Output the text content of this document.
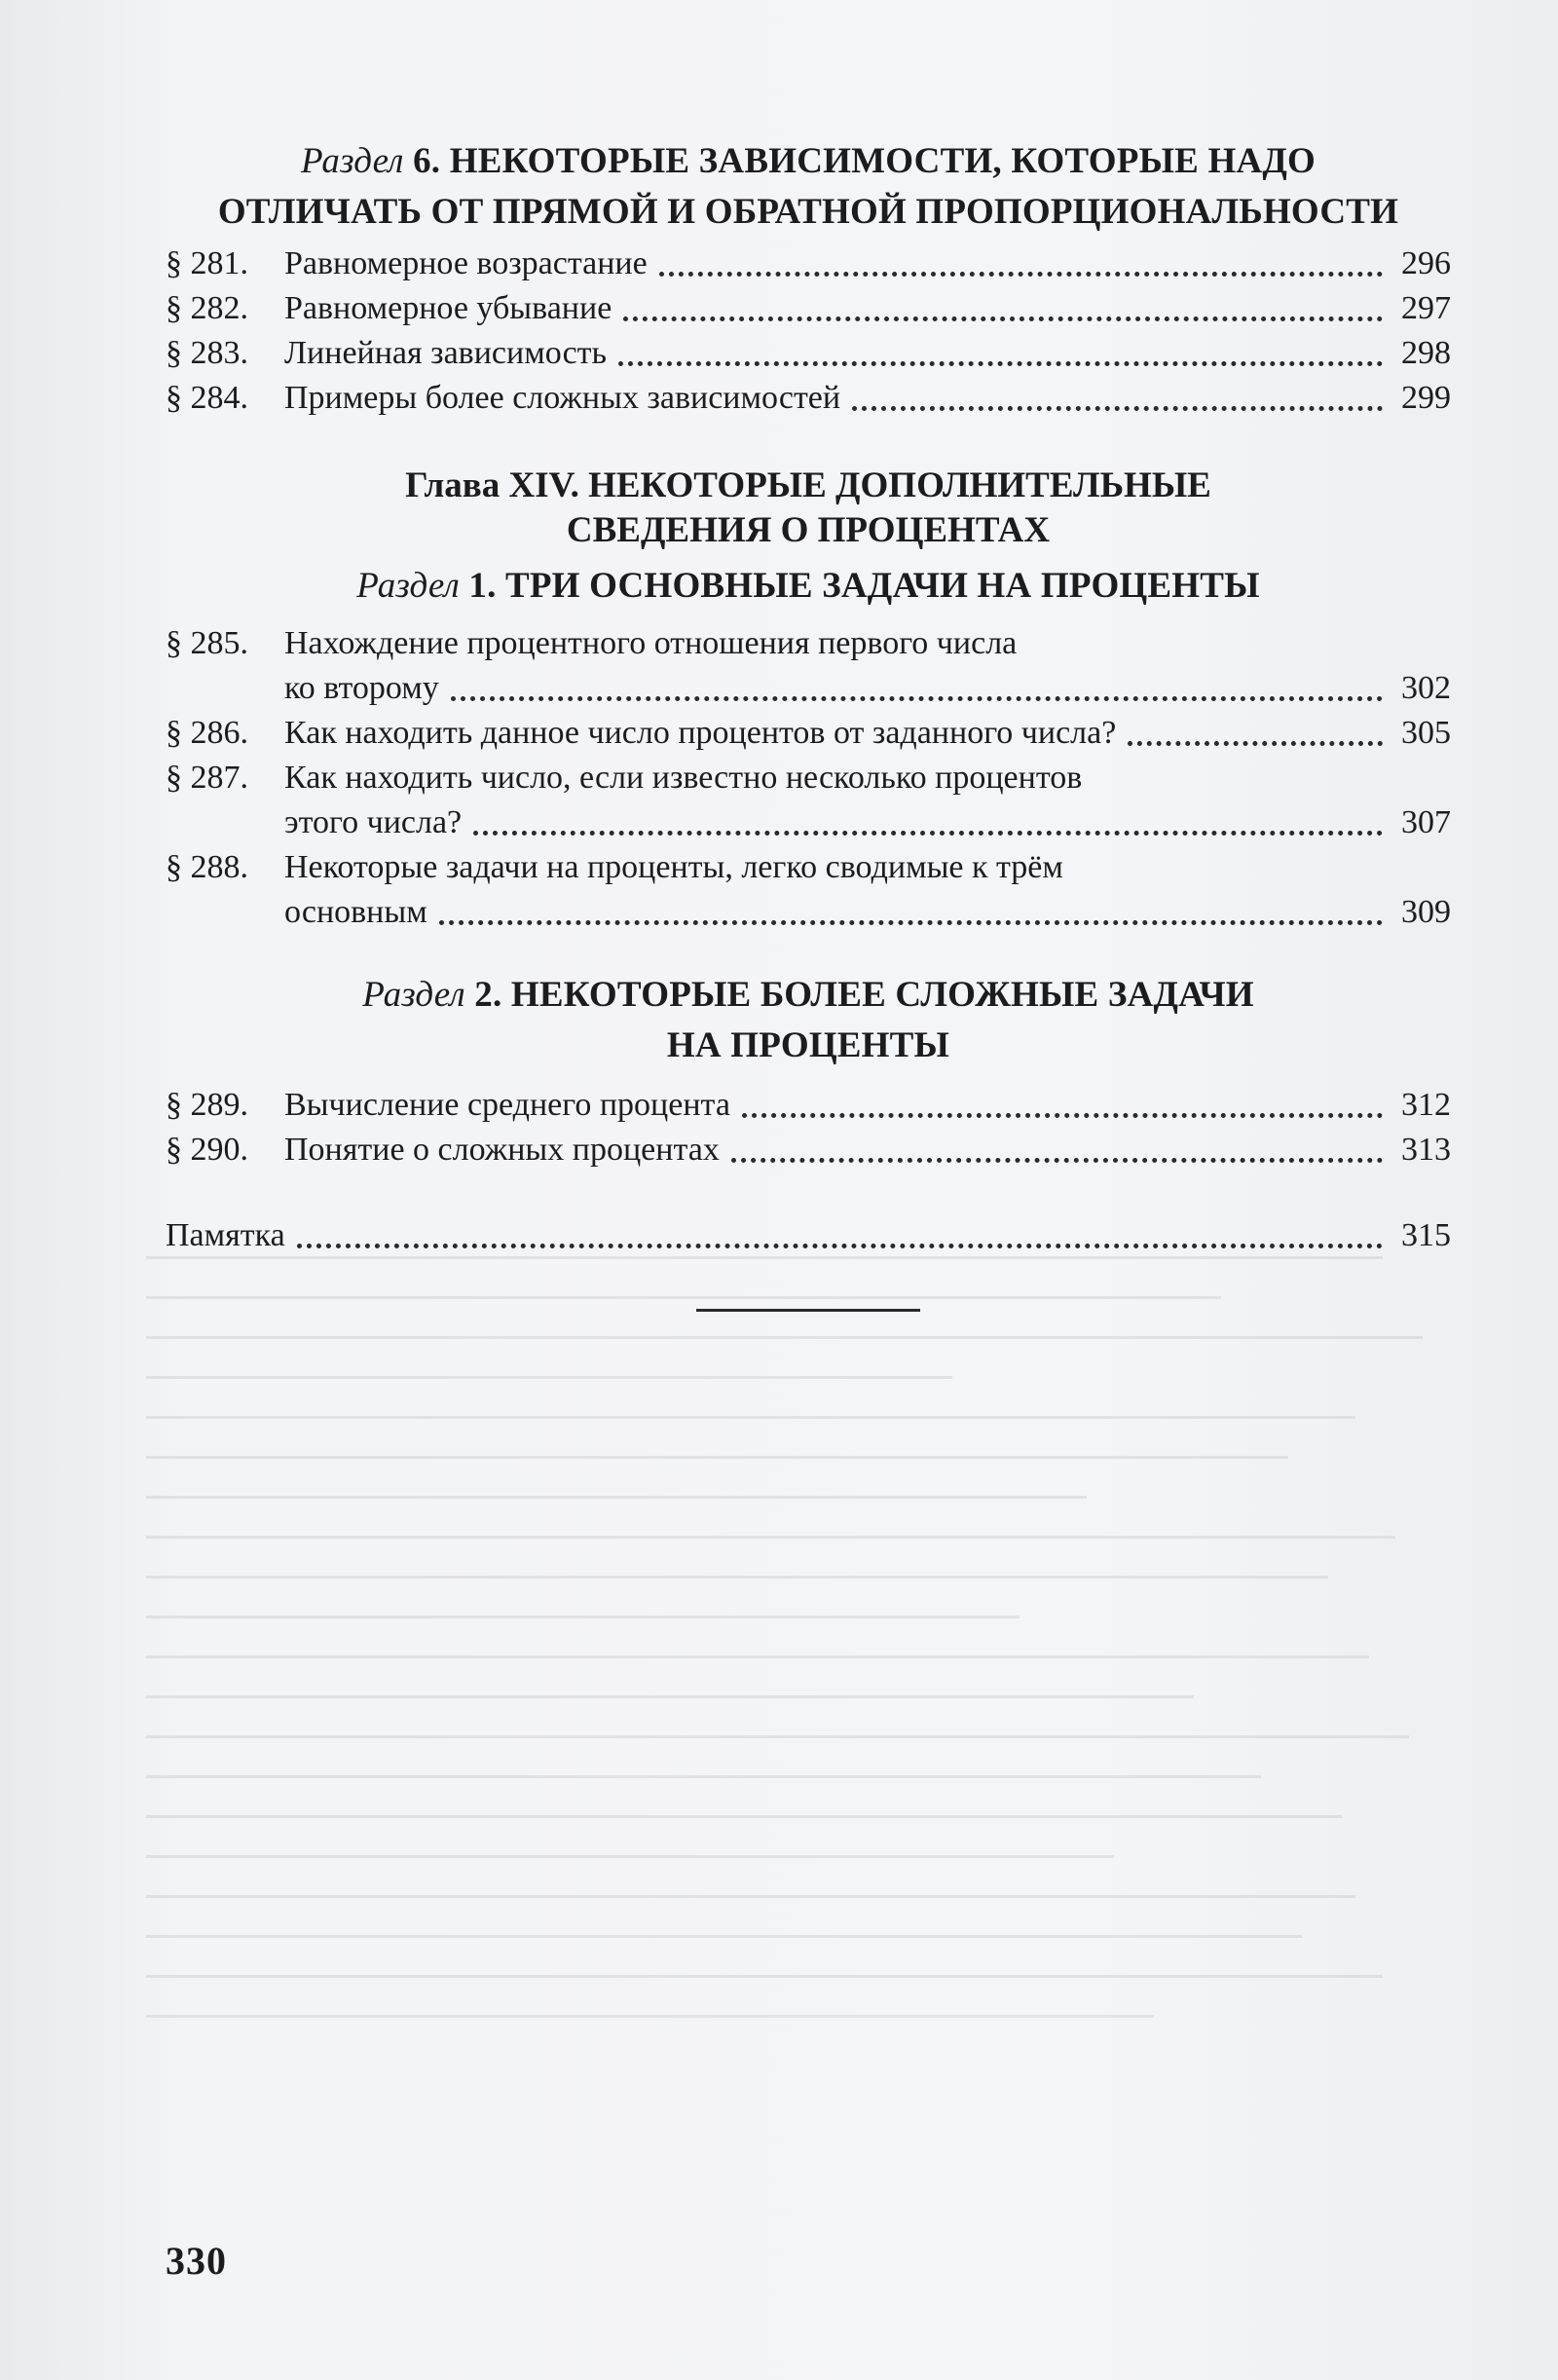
Раздел 6. НЕКОТОРЫЕ ЗАВИСИМОСТИ, КОТОРЫЕ НАДО
ОТЛИЧАТЬ ОТ ПРЯМОЙ И ОБРАТНОЙ ПРОПОРЦИОНАЛЬНОСТИ
§ 281.	Равномерное возрастание	296
§ 282.	Равномерное убывание	297
§ 283.	Линейная зависимость	298
§ 284.	Примеры более сложных зависимостей	299
Глава XIV. НЕКОТОРЫЕ ДОПОЛНИТЕЛЬНЫЕ
СВЕДЕНИЯ О ПРОЦЕНТАХ
Раздел 1. ТРИ ОСНОВНЫЕ ЗАДАЧИ НА ПРОЦЕНТЫ
§ 285.	Нахождение процентного отношения первого числа
ко второму	302
§ 286.	Как находить данное число процентов от заданного числа?	305
§ 287.	Как находить число, если известно несколько процентов
этого числа?	307
§ 288.	Некоторые задачи на проценты, легко сводимые к трём
основным	309
Раздел 2. НЕКОТОРЫЕ БОЛЕЕ СЛОЖНЫЕ ЗАДАЧИ
НА ПРОЦЕНТЫ
§ 289.	Вычисление среднего процента	312
§ 290.	Понятие о сложных процентах	313
Памятка	315
330
